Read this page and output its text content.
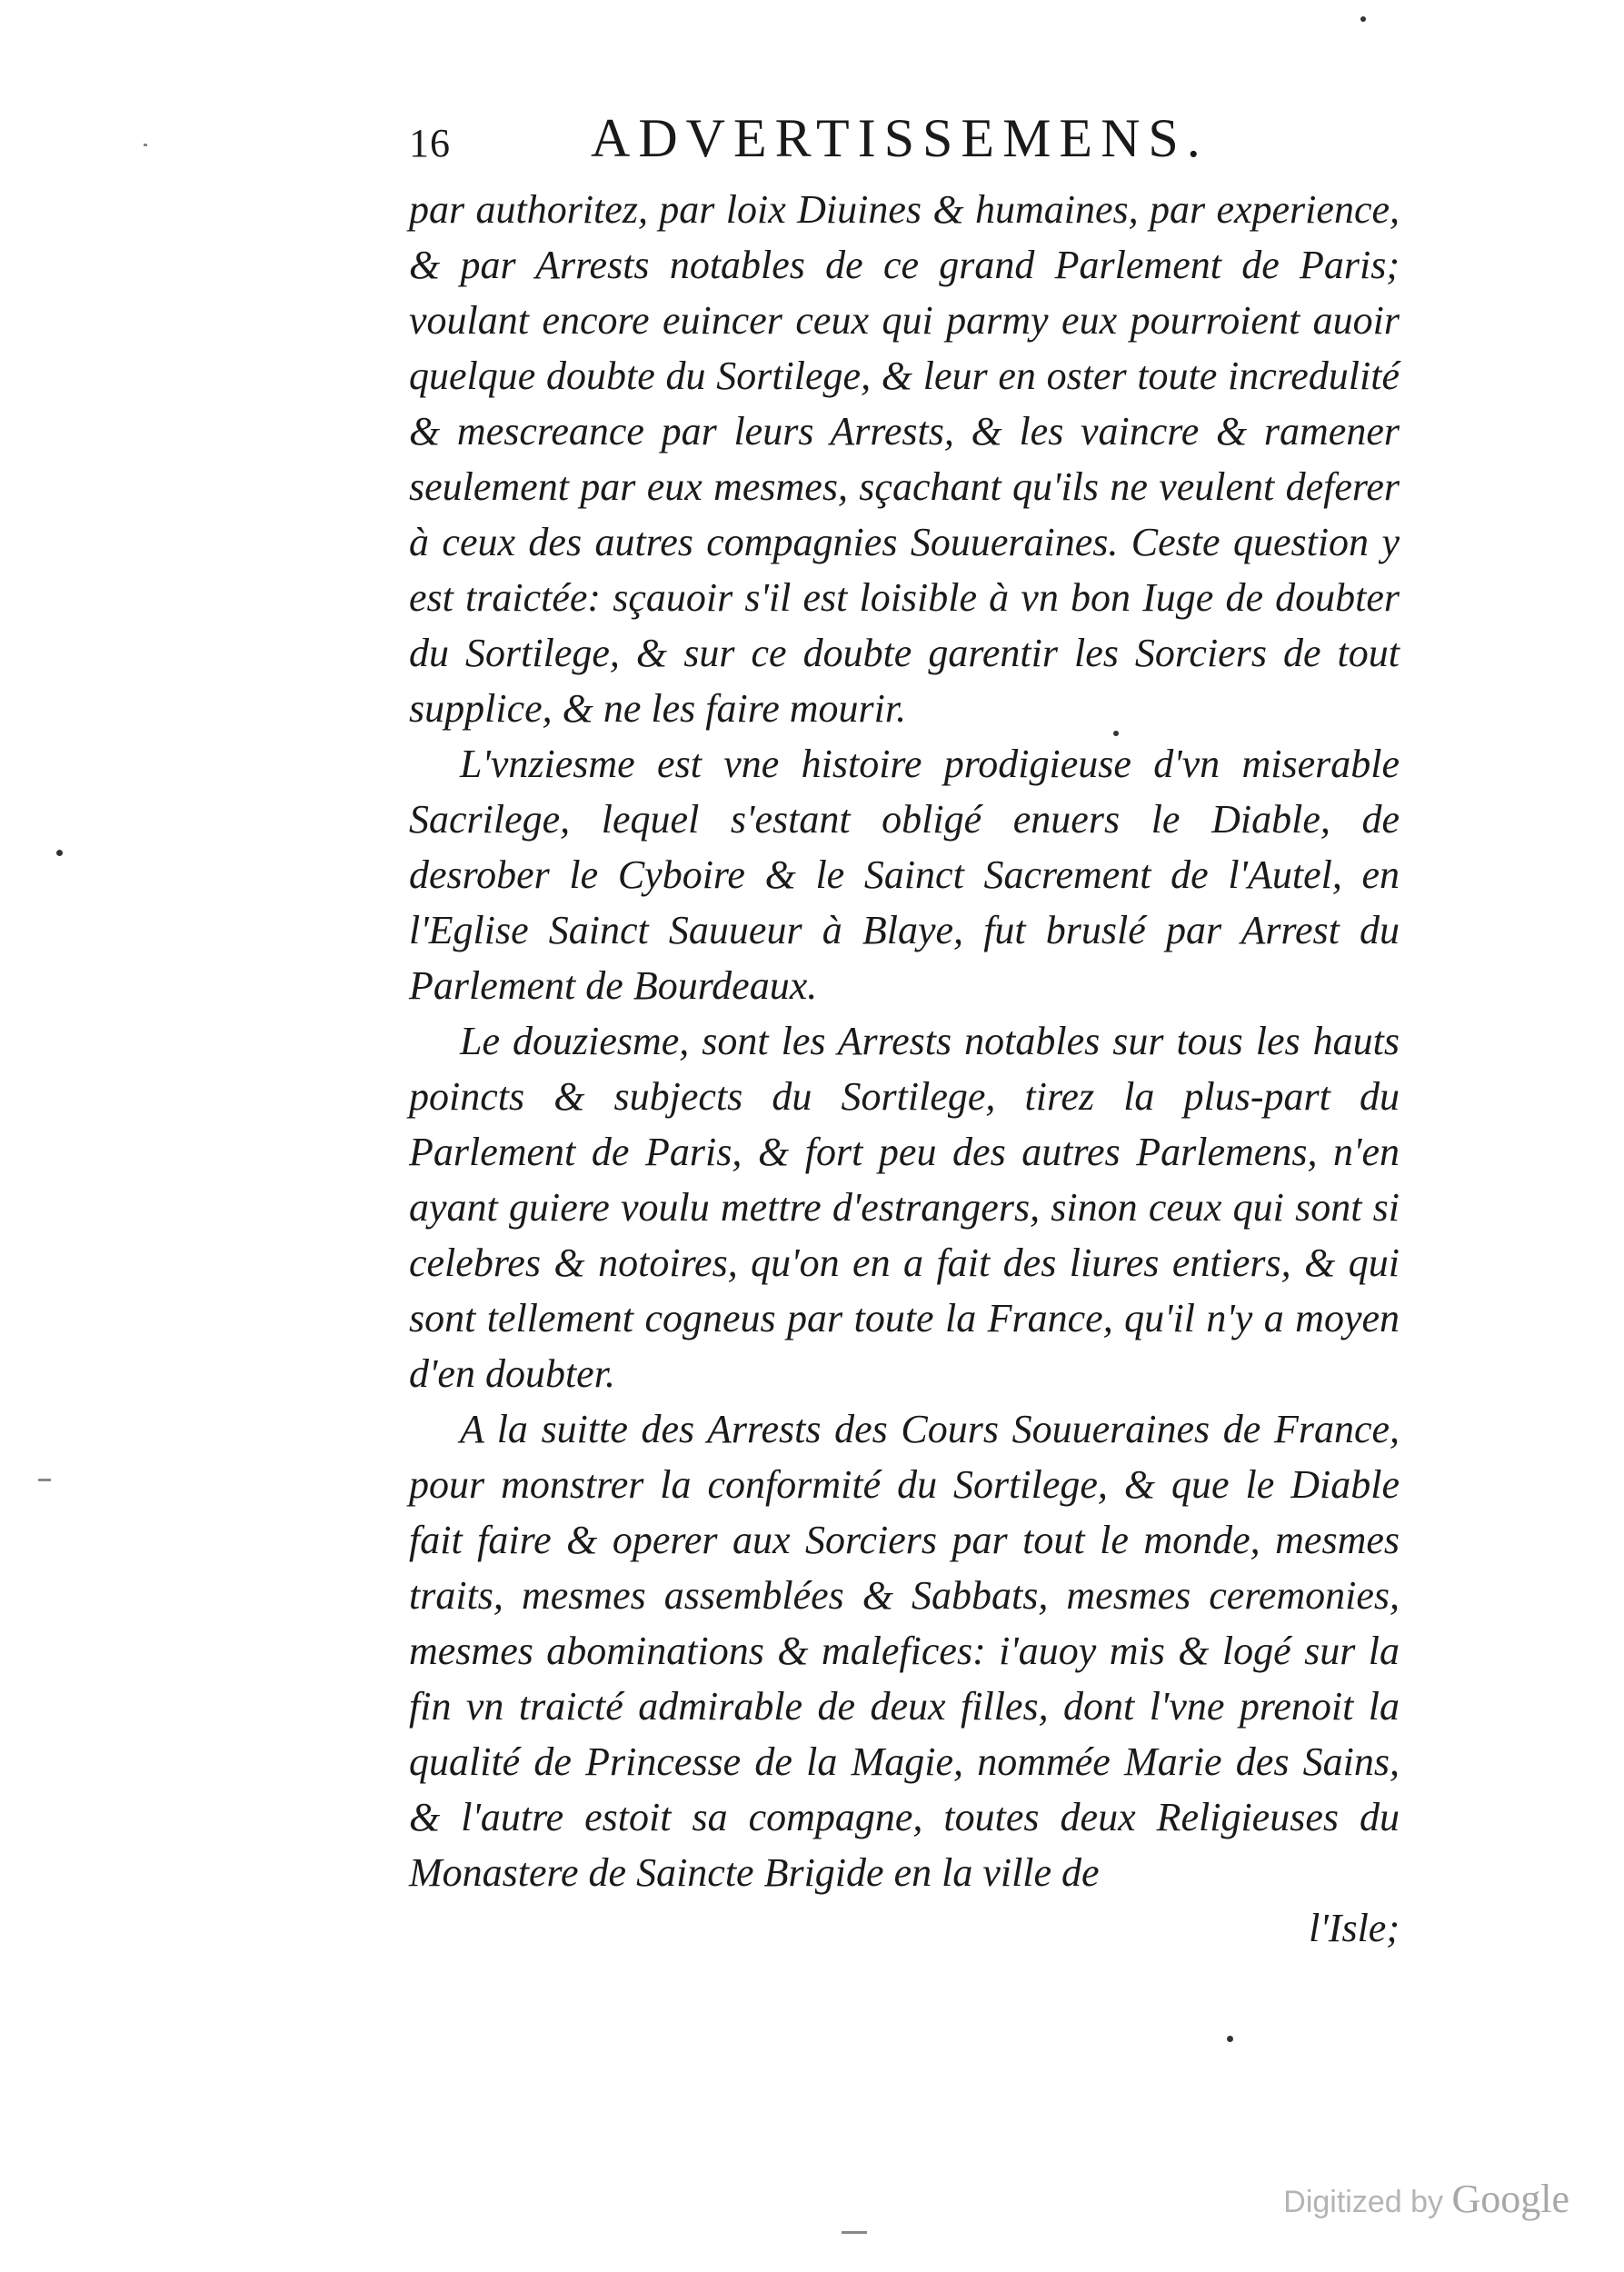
16	ADVERTISSEMENS.

par authoritez, par loix Diuines & humaines, par experience, & par Arrests notables de ce grand Parlement de Paris; voulant encore euincer ceux qui parmy eux pourroient auoir quelque doubte du Sortilege, & leur en oster toute incredulité & mescreance par leurs Arrests, & les vaincre & ramener seulement par eux mesmes, sçachant qu'ils ne veulent deferer à ceux des autres compagnies Souueraines. Ceste question y est traictée: sçauoir s'il est loisible à vn bon Iuge de doubter du Sortilege, & sur ce doubte garentir les Sorciers de tout supplice, & ne les faire mourir.

L'vnziesme est vne histoire prodigieuse d'vn miserable Sacrilege, lequel s'estant obligé enuers le Diable, de desrober le Cyboire & le Sainct Sacrement de l'Autel, en l'Eglise Sainct Sauueur à Blaye, fut bruslé par Arrest du Parlement de Bourdeaux.

Le douziesme, sont les Arrests notables sur tous les hauts poincts & subjects du Sortilege, tirez la plus-part du Parlement de Paris, & fort peu des autres Parlemens, n'en ayant guiere voulu mettre d'estrangers, sinon ceux qui sont si celebres & notoires, qu'on en a fait des liures entiers, & qui sont tellement cogneus par toute la France, qu'il n'y a moyen d'en doubter.

A la suitte des Arrests des Cours Souueraines de France, pour monstrer la conformité du Sortilege, & que le Diable fait faire & operer aux Sorciers par tout le monde, mesmes traits, mesmes assemblées & Sabbats, mesmes ceremonies, mesmes abominations & malefices: i'auoy mis & logé sur la fin vn traicté admirable de deux filles, dont l'vne prenoit la qualité de Princesse de la Magie, nommée Marie des Sains, & l'autre estoit sa compagne, toutes deux Religieuses du Monastere de Saincte Brigide en la ville de

l'Isle;

Digitized by Google
